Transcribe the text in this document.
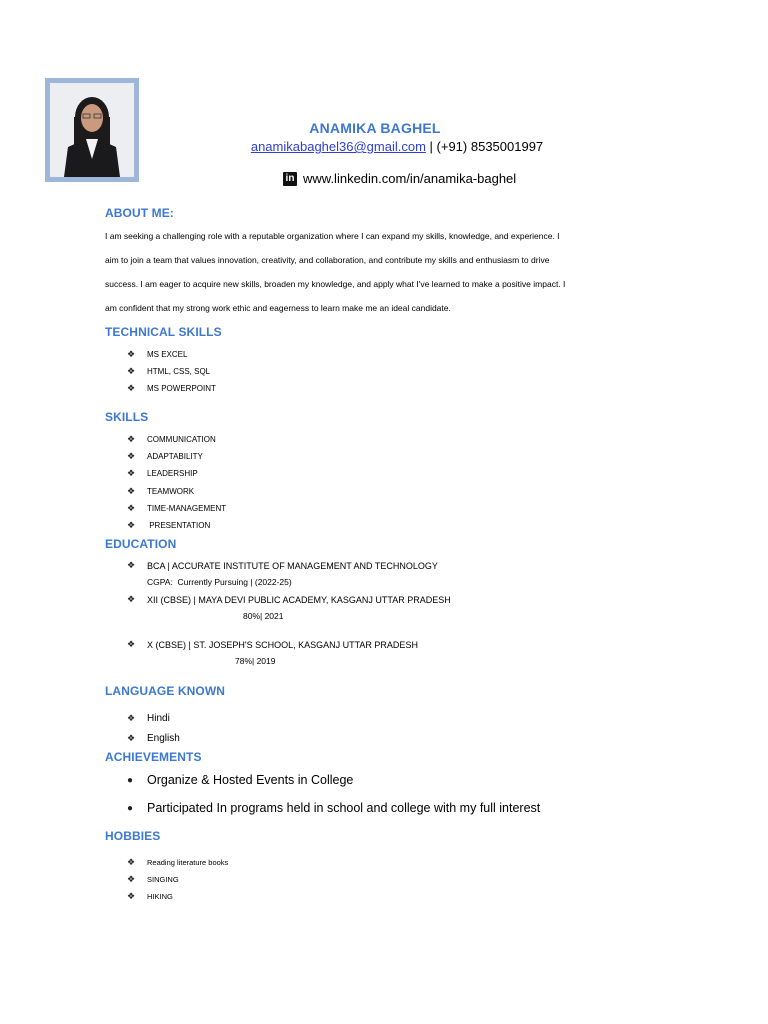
ANAMIKA BAGHEL
anamikabaghel36@gmail.com | (+91) 8535001997
in www.linkedin.com/in/anamika-baghel
ABOUT ME:
I am seeking a challenging role with a reputable organization where I can expand my skills, knowledge, and experience. I
aim to join a team that values innovation, creativity, and collaboration, and contribute my skills and enthusiasm to drive
success. I am eager to acquire new skills, broaden my knowledge, and apply what I've learned to make a positive impact. I
am confident that my strong work ethic and eagerness to learn make me an ideal candidate.
TECHNICAL SKILLS
❖	MS EXCEL
❖	HTML, CSS, SQL
❖	MS POWERPOINT
SKILLS
❖	COMMUNICATION
❖	ADAPTABILITY
❖	LEADERSHIP
❖	TEAMWORK
❖	TIME-MANAGEMENT
❖	PRESENTATION
EDUCATION
❖	BCA | ACCURATE INSTITUTE OF MANAGEMENT AND TECHNOLOGY
CGPA:  Currently Pursuing | (2022-25)
❖	XII (CBSE) | MAYA DEVI PUBLIC ACADEMY, KASGANJ UTTAR PRADESH
80%| 2021
❖	X (CBSE) | ST. JOSEPH'S SCHOOL, KASGANJ UTTAR PRADESH
78%| 2019
LANGUAGE KNOWN
❖	Hindi
❖	English
ACHIEVEMENTS
●	Organize & Hosted Events in College
●	Participated In programs held in school and college with my full interest
HOBBIES
❖	Reading literature books
❖	SINGING
❖	HIKING
